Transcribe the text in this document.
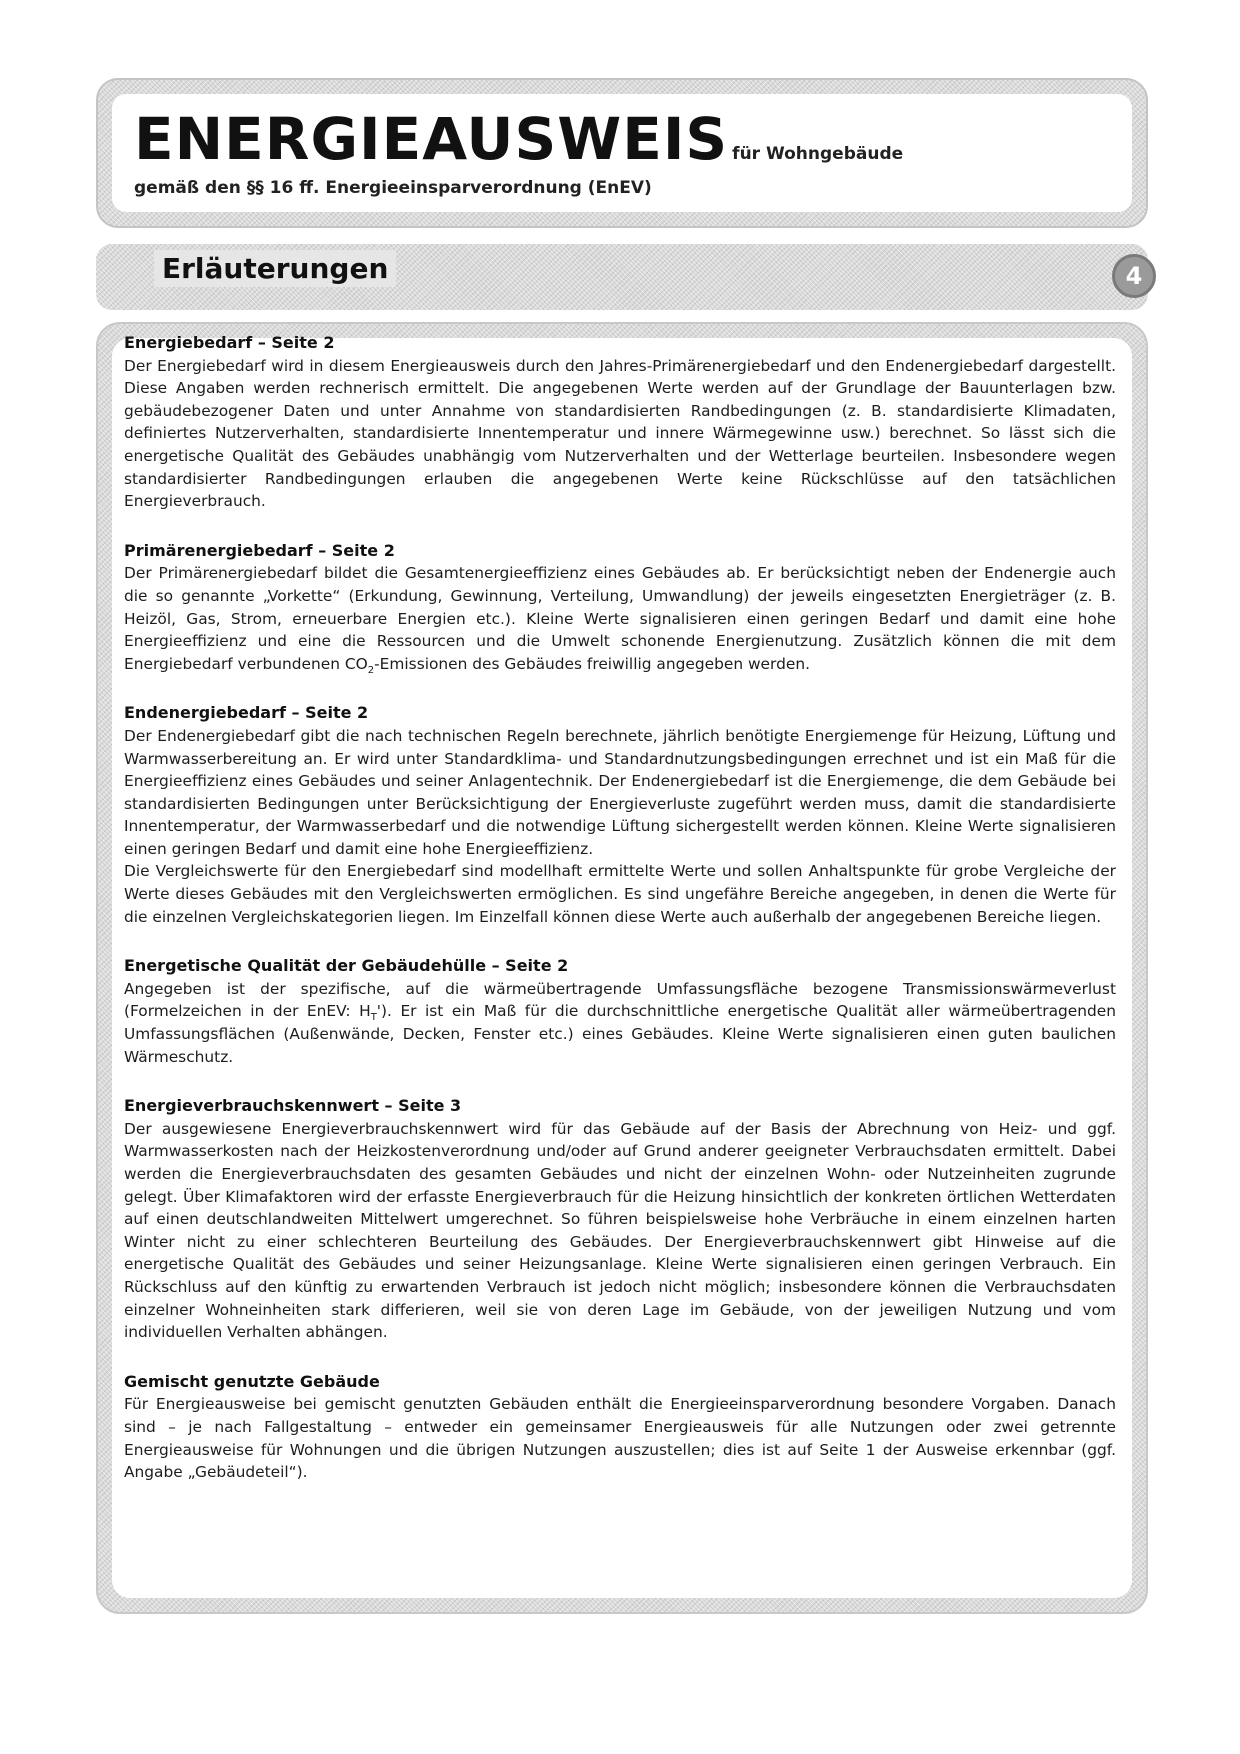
ENERGIEAUSWEIS für Wohngebäude
gemäß den §§ 16 ff. Energieeinsparverordnung (EnEV)
Erläuterungen	4
Energiebedarf – Seite 2

Der Energiebedarf wird in diesem Energieausweis durch den Jahres-Primärenergiebedarf und den Endenergiebedarf dargestellt. Diese Angaben werden rechnerisch ermittelt. Die angegebenen Werte werden auf der Grundlage der Bauunterlagen bzw. gebäudebezogener Daten und unter Annahme von standardisierten Randbedingungen (z. B. standardisierte Klimadaten, definiertes Nutzerverhalten, standardisierte Innentemperatur und innere Wärmegewinne usw.) berechnet. So lässt sich die energetische Qualität des Gebäudes unabhängig vom Nutzerverhalten und der Wetterlage beurteilen. Insbesondere wegen standardisierter Randbedingungen erlauben die angegebenen Werte keine Rückschlüsse auf den tatsächlichen Energieverbrauch.

Primärenergiebedarf – Seite 2

Der Primärenergiebedarf bildet die Gesamtenergieeffizienz eines Gebäudes ab. Er berücksichtigt neben der Endenergie auch die so genannte „Vorkette“ (Erkundung, Gewinnung, Verteilung, Umwandlung) der jeweils eingesetzten Energieträger (z. B. Heizöl, Gas, Strom, erneuerbare Energien etc.). Kleine Werte signalisieren einen geringen Bedarf und damit eine hohe Energieeffizienz und eine die Ressourcen und die Umwelt schonende Energienutzung. Zusätzlich können die mit dem Energiebedarf verbundenen $CO_2$-Emissionen des Gebäudes freiwillig angegeben werden.

Endenergiebedarf – Seite 2

Der Endenergiebedarf gibt die nach technischen Regeln berechnete, jährlich benötigte Energiemenge für Heizung, Lüftung und Warmwasserbereitung an. Er wird unter Standardklima- und Standardnutzungsbedingungen errechnet und ist ein Maß für die Energieeffizienz eines Gebäudes und seiner Anlagentechnik. Der Endenergiebedarf ist die Energiemenge, die dem Gebäude bei standardisierten Bedingungen unter Berücksichtigung der Energieverluste zugeführt werden muss, damit die standardisierte Innentemperatur, der Warmwasserbedarf und die notwendige Lüftung sichergestellt werden können. Kleine Werte signalisieren einen geringen Bedarf und damit eine hohe Energieeffizienz.

Die Vergleichswerte für den Energiebedarf sind modellhaft ermittelte Werte und sollen Anhaltspunkte für grobe Vergleiche der Werte dieses Gebäudes mit den Vergleichswerten ermöglichen. Es sind ungefähre Bereiche angegeben, in denen die Werte für die einzelnen Vergleichskategorien liegen. Im Einzelfall können diese Werte auch außerhalb der angegebenen Bereiche liegen.

Energetische Qualität der Gebäudehülle – Seite 2

Angegeben ist der spezifische, auf die wärmeübertragende Umfassungsfläche bezogene Transmissionswärmeverlust (Formelzeichen in der EnEV: $H_T'$). Er ist ein Maß für die durchschnittliche energetische Qualität aller wärmeübertragenden Umfassungsflächen (Außenwände, Decken, Fenster etc.) eines Gebäudes. Kleine Werte signalisieren einen guten baulichen Wärmeschutz.

Energieverbrauchskennwert – Seite 3

Der ausgewiesene Energieverbrauchskennwert wird für das Gebäude auf der Basis der Abrechnung von Heiz- und ggf. Warmwasserkosten nach der Heizkostenverordnung und/oder auf Grund anderer geeigneter Verbrauchsdaten ermittelt. Dabei werden die Energieverbrauchsdaten des gesamten Gebäudes und nicht der einzelnen Wohn- oder Nutzeinheiten zugrunde gelegt. Über Klimafaktoren wird der erfasste Energieverbrauch für die Heizung hinsichtlich der konkreten örtlichen Wetterdaten auf einen deutschlandweiten Mittelwert umgerechnet. So führen beispielsweise hohe Verbräuche in einem einzelnen harten Winter nicht zu einer schlechteren Beurteilung des Gebäudes. Der Energieverbrauchskennwert gibt Hinweise auf die energetische Qualität des Gebäudes und seiner Heizungsanlage. Kleine Werte signalisieren einen geringen Verbrauch. Ein Rückschluss auf den künftig zu erwartenden Verbrauch ist jedoch nicht möglich; insbesondere können die Verbrauchsdaten einzelner Wohneinheiten stark differieren, weil sie von deren Lage im Gebäude, von der jeweiligen Nutzung und vom individuellen Verhalten abhängen.

Gemischt genutzte Gebäude

Für Energieausweise bei gemischt genutzten Gebäuden enthält die Energieeinsparverordnung besondere Vorgaben. Danach sind – je nach Fallgestaltung – entweder ein gemeinsamer Energieausweis für alle Nutzungen oder zwei getrennte Energieausweise für Wohnungen und die übrigen Nutzungen auszustellen; dies ist auf Seite 1 der Ausweise erkennbar (ggf. Angabe „Gebäudeteil“).
